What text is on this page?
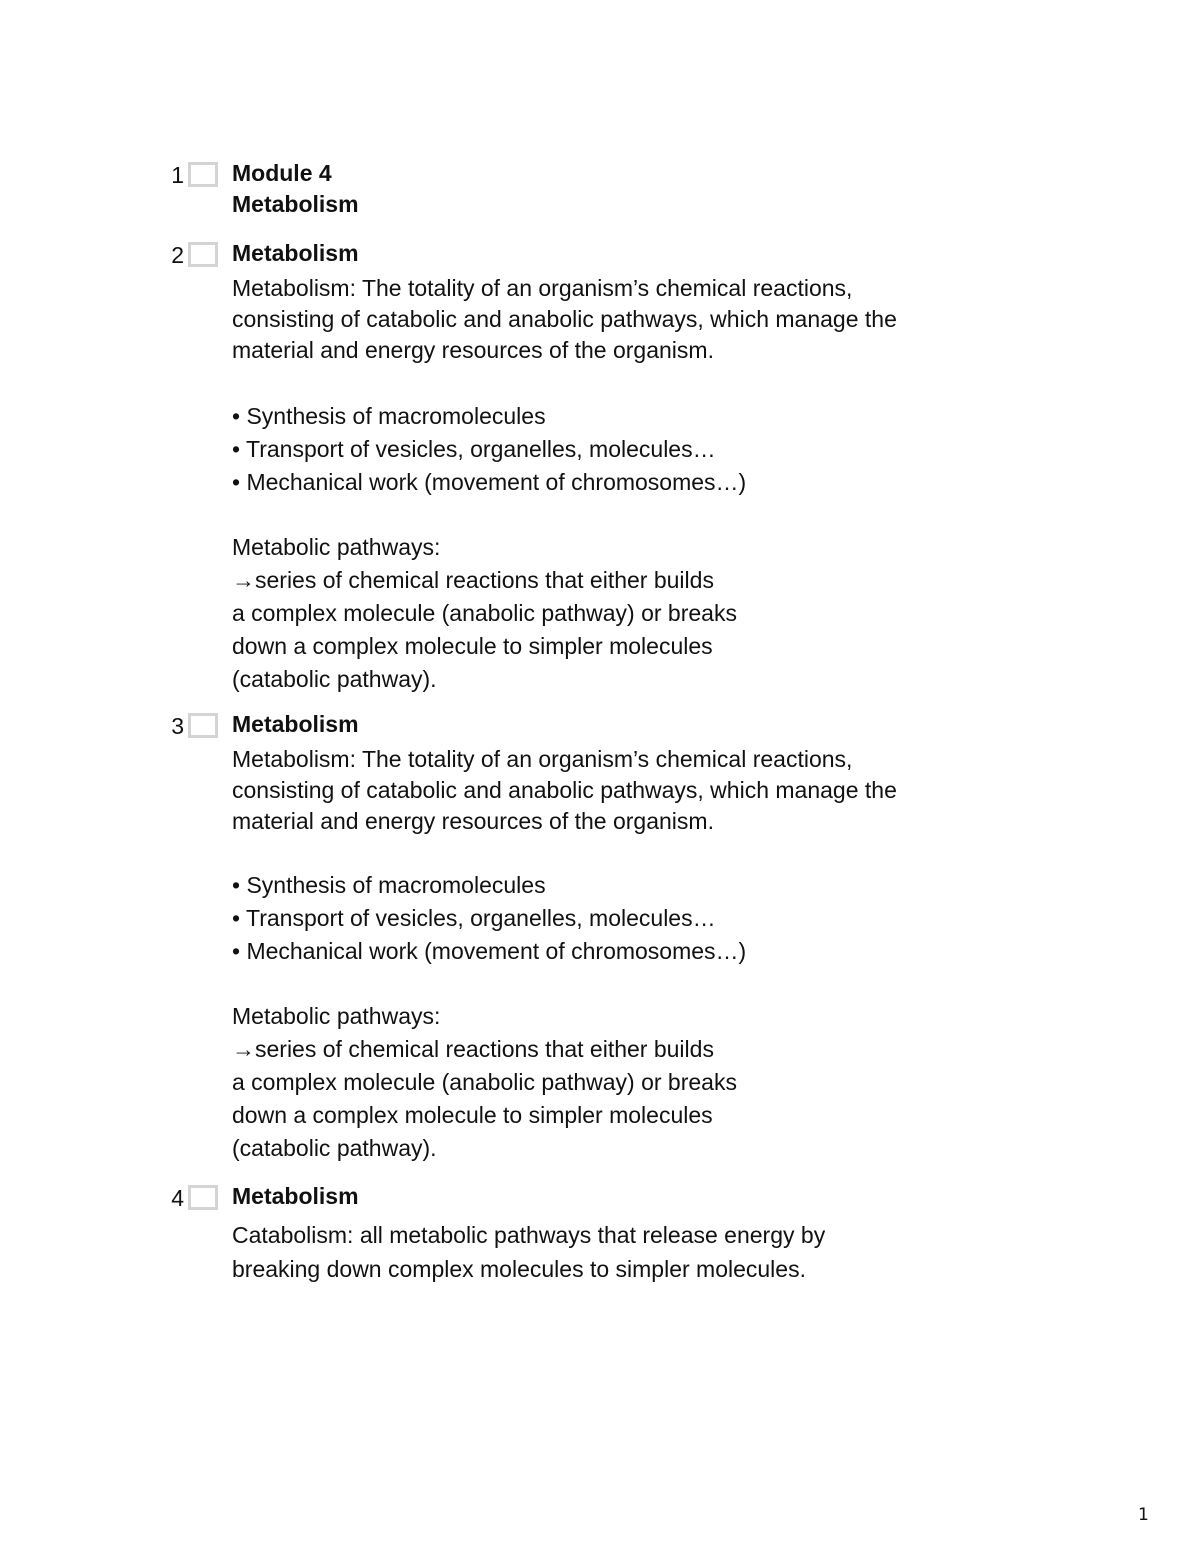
1 Module 4
Metabolism
2 Metabolism
Metabolism: The totality of an organism’s chemical reactions,
consisting of catabolic and anabolic pathways, which manage the
material and energy resources of the organism.
• Synthesis of macromolecules
• Transport of vesicles, organelles, molecules…
• Mechanical work (movement of chromosomes…)
Metabolic pathways:
→series of chemical reactions that either builds
a complex molecule (anabolic pathway) or breaks
down a complex molecule to simpler molecules
(catabolic pathway).
3 Metabolism
Metabolism: The totality of an organism’s chemical reactions,
consisting of catabolic and anabolic pathways, which manage the
material and energy resources of the organism.
• Synthesis of macromolecules
• Transport of vesicles, organelles, molecules…
• Mechanical work (movement of chromosomes…)
Metabolic pathways:
→series of chemical reactions that either builds
a complex molecule (anabolic pathway) or breaks
down a complex molecule to simpler molecules
(catabolic pathway).
4 Metabolism
Catabolism: all metabolic pathways that release energy by
breaking down complex molecules to simpler molecules.
1
